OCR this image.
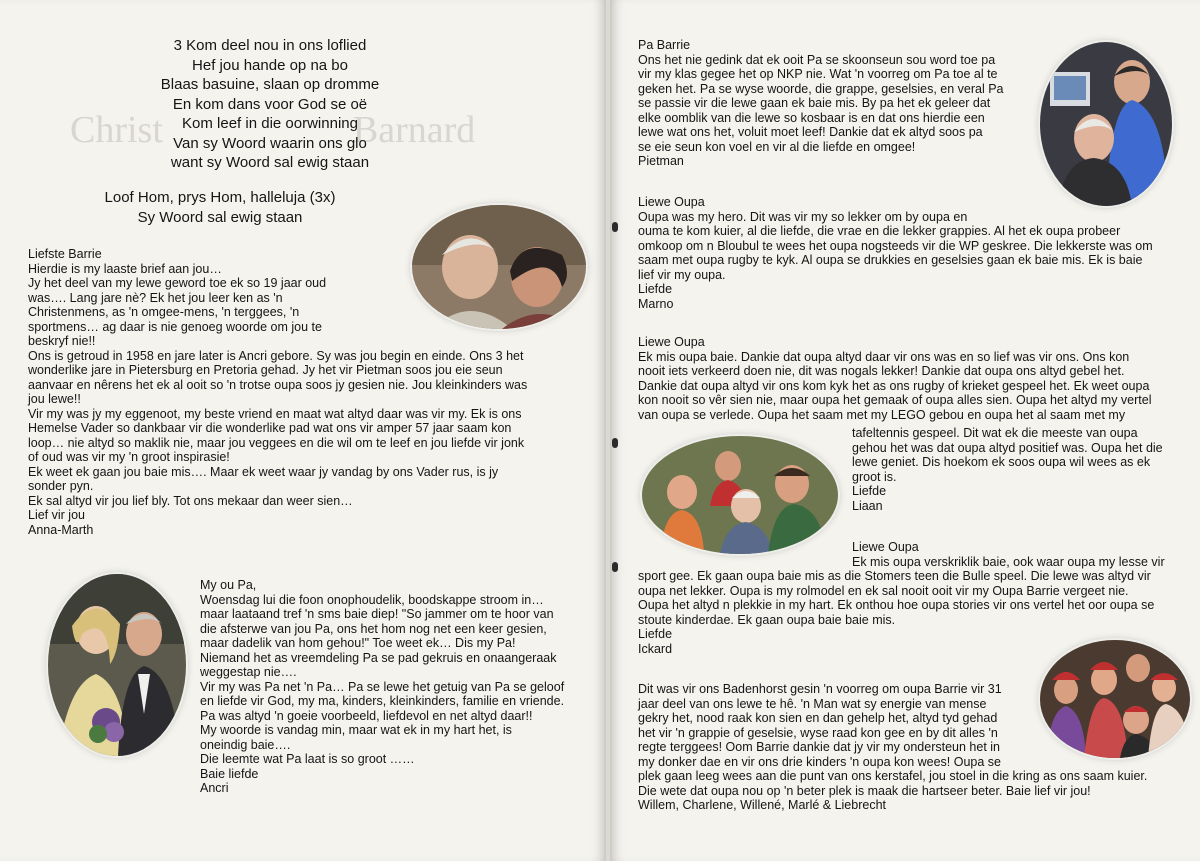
Christ	Barnard
3 Kom deel nou in ons loflied
Hef jou hande op na bo
Blaas basuine, slaan op dromme
En kom dans voor God se oë
Kom leef in die oorwinning
Van sy Woord waarin ons glo
want sy Woord sal ewig staan
Loof Hom, prys Hom, halleluja (3x)
Sy Woord sal ewig staan
Liefste Barrie
Hierdie is my laaste brief aan jou…
Jy het deel van my lewe geword toe ek so 19 jaar oud
was…. Lang jare nè? Ek het jou leer ken as 'n
Christenmens, as 'n omgee-mens, 'n terggees, 'n
sportmens… ag daar is nie genoeg woorde om jou te
beskryf nie!!
Ons is getroud in 1958 en jare later is Ancri gebore. Sy was jou begin en einde. Ons 3 het
wonderlike jare in Pietersburg en Pretoria gehad. Jy het vir Pietman soos jou eie seun
aanvaar en nêrens het ek al ooit so 'n trotse oupa soos jy gesien nie. Jou kleinkinders was
jou lewe!!
Vir my was jy my eggenoot, my beste vriend en maat wat altyd daar was vir my. Ek is ons
Hemelse Vader so dankbaar vir die wonderlike pad wat ons vir amper 57 jaar saam kon
loop… nie altyd so maklik nie, maar jou veggees en die wil om te leef en jou liefde vir jonk
of oud was vir my 'n groot inspirasie!
Ek weet ek gaan jou baie mis…. Maar ek weet waar jy vandag by ons Vader rus, is jy
sonder pyn.
Ek sal altyd vir jou lief bly. Tot ons mekaar dan weer sien…
Lief vir jou
Anna-Marth
My ou Pa,
Woensdag lui die foon onophoudelik, boodskappe stroom in…
maar laataand tref 'n sms baie diep! "So jammer om te hoor van
die afsterwe van jou Pa, ons het hom nog net een keer gesien,
maar dadelik van hom gehou!" Toe weet ek… Dis my Pa!
Niemand het as vreemdeling Pa se pad gekruis en onaangeraak
weggestap nie….
Vir my was Pa net 'n Pa… Pa se lewe het getuig van Pa se geloof
en liefde vir God, my ma, kinders, kleinkinders, familie en vriende.
Pa was altyd 'n goeie voorbeeld, liefdevol en net altyd daar!!
My woorde is vandag min, maar wat ek in my hart het, is
oneindig baie….
Die leemte wat Pa laat is so groot ……
Baie liefde
Ancri
Pa Barrie
Ons het nie gedink dat ek ooit Pa se skoonseun sou word toe pa
vir my klas gegee het op NKP nie. Wat 'n voorreg om Pa toe al te
geken het. Pa se wyse woorde, die grappe, geselsies, en veral Pa
se passie vir die lewe gaan ek baie mis. By pa het ek geleer dat
elke oomblik van die lewe so kosbaar is en dat ons hierdie een
lewe wat ons het, voluit moet leef! Dankie dat ek altyd soos pa
se eie seun kon voel en vir al die liefde en omgee!
Pietman
Liewe Oupa
Oupa was my hero. Dit was vir my so lekker om by oupa en
ouma te kom kuier, al die liefde, die vrae en die lekker grappies. Al het ek oupa probeer
omkoop om n Bloubul te wees het oupa nogsteeds vir die WP geskree. Die lekkerste was om
saam met oupa rugby te kyk. Al oupa se drukkies en geselsies gaan ek baie mis. Ek is baie
lief vir my oupa.
Liefde
Marno
Liewe Oupa
Ek mis oupa baie. Dankie dat oupa altyd daar vir ons was en so lief was vir ons. Ons kon
nooit iets verkeerd doen nie, dit was nogals lekker! Dankie dat oupa ons altyd gebel het.
Dankie dat oupa altyd vir ons kom kyk het as ons rugby of krieket gespeel het. Ek weet oupa
kon nooit so vêr sien nie, maar oupa het gemaak of oupa alles sien. Oupa het altyd my vertel
van oupa se verlede. Oupa het saam met my LEGO gebou en oupa het al saam met my
tafeltennis gespeel. Dit wat ek die meeste van oupa
gehou het was dat oupa altyd positief was. Oupa het die
lewe geniet. Dis hoekom ek soos oupa wil wees as ek
groot is.
Liefde
Liaan
Liewe Oupa
Ek mis oupa verskriklik baie, ook waar oupa my lesse vir
sport gee. Ek gaan oupa baie mis as die Stomers teen die Bulle speel. Die lewe was altyd vir
oupa net lekker. Oupa is my rolmodel en ek sal nooit ooit vir my Oupa Barrie vergeet nie.
Oupa het altyd n plekkie in my hart. Ek onthou hoe oupa stories vir ons vertel het oor oupa se
stoute kinderdae. Ek gaan oupa baie baie mis.
Liefde
Ickard
Dit was vir ons Badenhorst gesin 'n voorreg om oupa Barrie vir 31
jaar deel van ons lewe te hê. 'n Man wat sy energie van mense
gekry het, nood raak kon sien en dan gehelp het, altyd tyd gehad
het vir 'n grappie of geselsie, wyse raad kon gee en by dit alles 'n
regte terggees! Oom Barrie dankie dat jy vir my ondersteun het in
my donker dae en vir ons drie kinders 'n oupa kon wees! Oupa se
plek gaan leeg wees aan die punt van ons kerstafel, jou stoel in die kring as ons saam kuier.
Die wete dat oupa nou op 'n beter plek is maak die hartseer beter. Baie lief vir jou!
Willem, Charlene, Willené, Marlé & Liebrecht
